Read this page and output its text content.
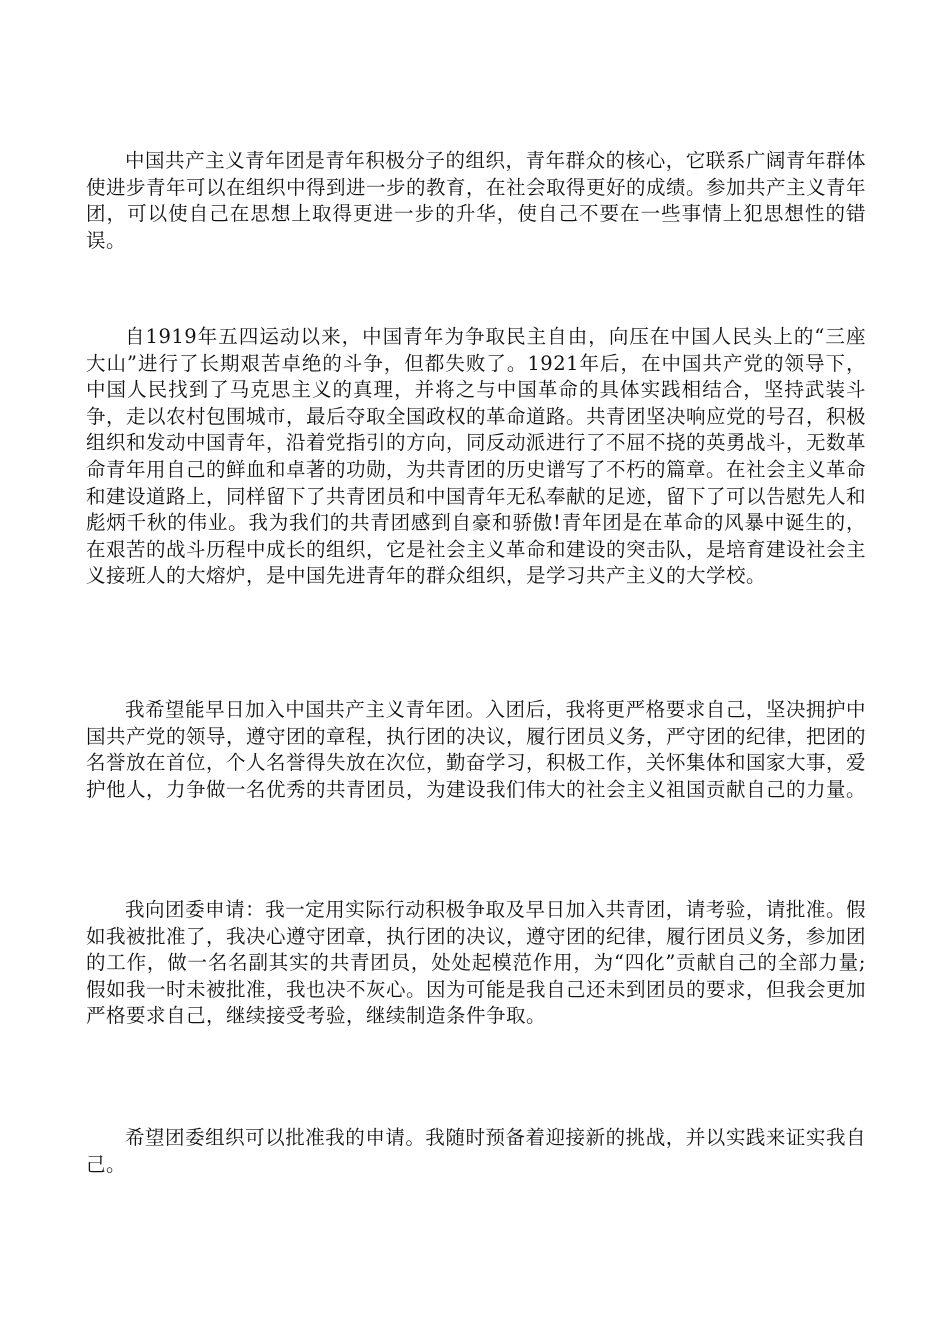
中国共产主义青年团是青年积极分子的组织，青年群众的核心，它联系广阔青年群体使进步青年可以在组织中得到进一步的教育，在社会取得更好的成绩。参加共产主义青年团，可以使自己在思想上取得更进一步的升华，使自己不要在一些事情上犯思想性的错误。

自1919年五四运动以来，中国青年为争取民主自由，向压在中国人民头上的“三座大山”进行了长期艰苦卓绝的斗争，但都失败了。1921年后，在中国共产党的领导下，中国人民找到了马克思主义的真理，并将之与中国革命的具体实践相结合，坚持武装斗争，走以农村包围城市，最后夺取全国政权的革命道路。共青团坚决响应党的号召，积极组织和发动中国青年，沿着党指引的方向，同反动派进行了不屈不挠的英勇战斗，无数革命青年用自己的鲜血和卓著的功勋，为共青团的历史谱写了不朽的篇章。在社会主义革命和建设道路上，同样留下了共青团员和中国青年无私奉献的足迹，留下了可以告慰先人和彪炳千秋的伟业。我为我们的共青团感到自豪和骄傲!青年团是在革命的风暴中诞生的，在艰苦的战斗历程中成长的组织，它是社会主义革命和建设的突击队，是培育建设社会主义接班人的大熔炉，是中国先进青年的群众组织，是学习共产主义的大学校。

我希望能早日加入中国共产主义青年团。入团后，我将更严格要求自己，坚决拥护中国共产党的领导，遵守团的章程，执行团的决议，履行团员义务，严守团的纪律，把团的名誉放在首位，个人名誉得失放在次位，勤奋学习，积极工作，关怀集体和国家大事，爱护他人，力争做一名优秀的共青团员，为建设我们伟大的社会主义祖国贡献自己的力量。

我向团委申请：我一定用实际行动积极争取及早日加入共青团，请考验，请批准。假如我被批准了，我决心遵守团章，执行团的决议，遵守团的纪律，履行团员义务，参加团的工作，做一名名副其实的共青团员，处处起模范作用，为“四化”贡献自己的全部力量;假如我一时未被批准，我也决不灰心。因为可能是我自己还未到团员的要求，但我会更加严格要求自己，继续接受考验，继续制造条件争取。

希望团委组织可以批准我的申请。我随时预备着迎接新的挑战，并以实践来证实我自己。
